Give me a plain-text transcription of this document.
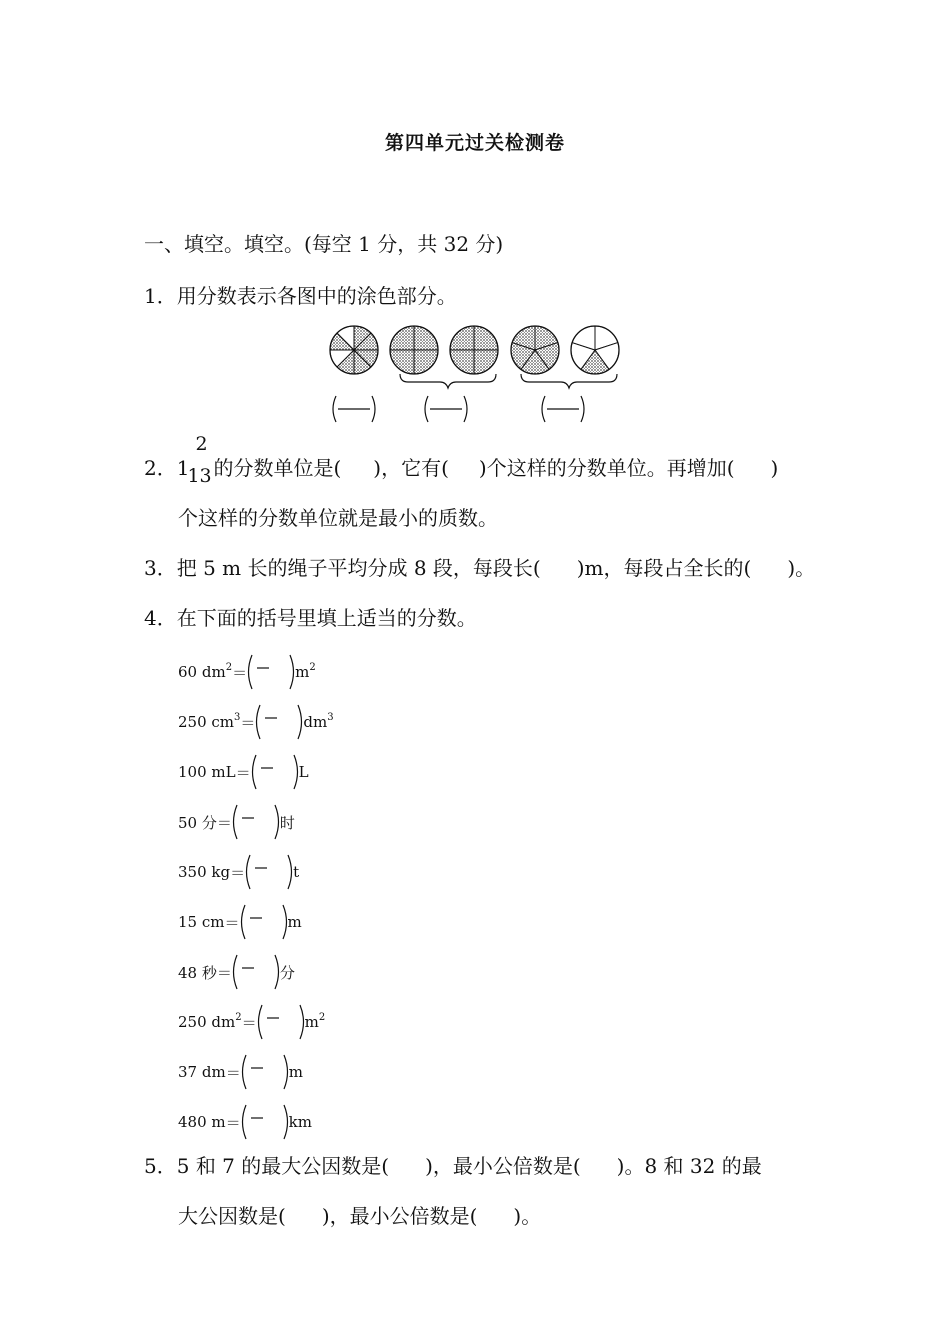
第四单元过关检测卷
一、填空。填空。(每空 1 分，共 32 分)
1．用分数表示各图中的涂色部分。
2．1
2
13 的分数单位是( )，它有( )个这样的分数单位。再增加( )
个这样的分数单位就是最小的质数。
3．把 5 m 长的绳子平均分成 8 段，每段长( )m，每段占全长的( )。
4．在下面的括号里填上适当的分数。
60 $dm^2$ ＝	$m^2$
250 $cm^3$ ＝	$dm^3$
100 mL ＝	L
50 分 ＝	时
350 kg ＝	t
15 cm ＝	m
48 秒 ＝	分
250 $dm^2$ ＝	$m^2$
37 dm ＝	m
480 m ＝	km
5．5 和 7 的最大公因数是( )，最小公倍数是( )。8 和 32 的最
大公因数是( )，最小公倍数是( )。
